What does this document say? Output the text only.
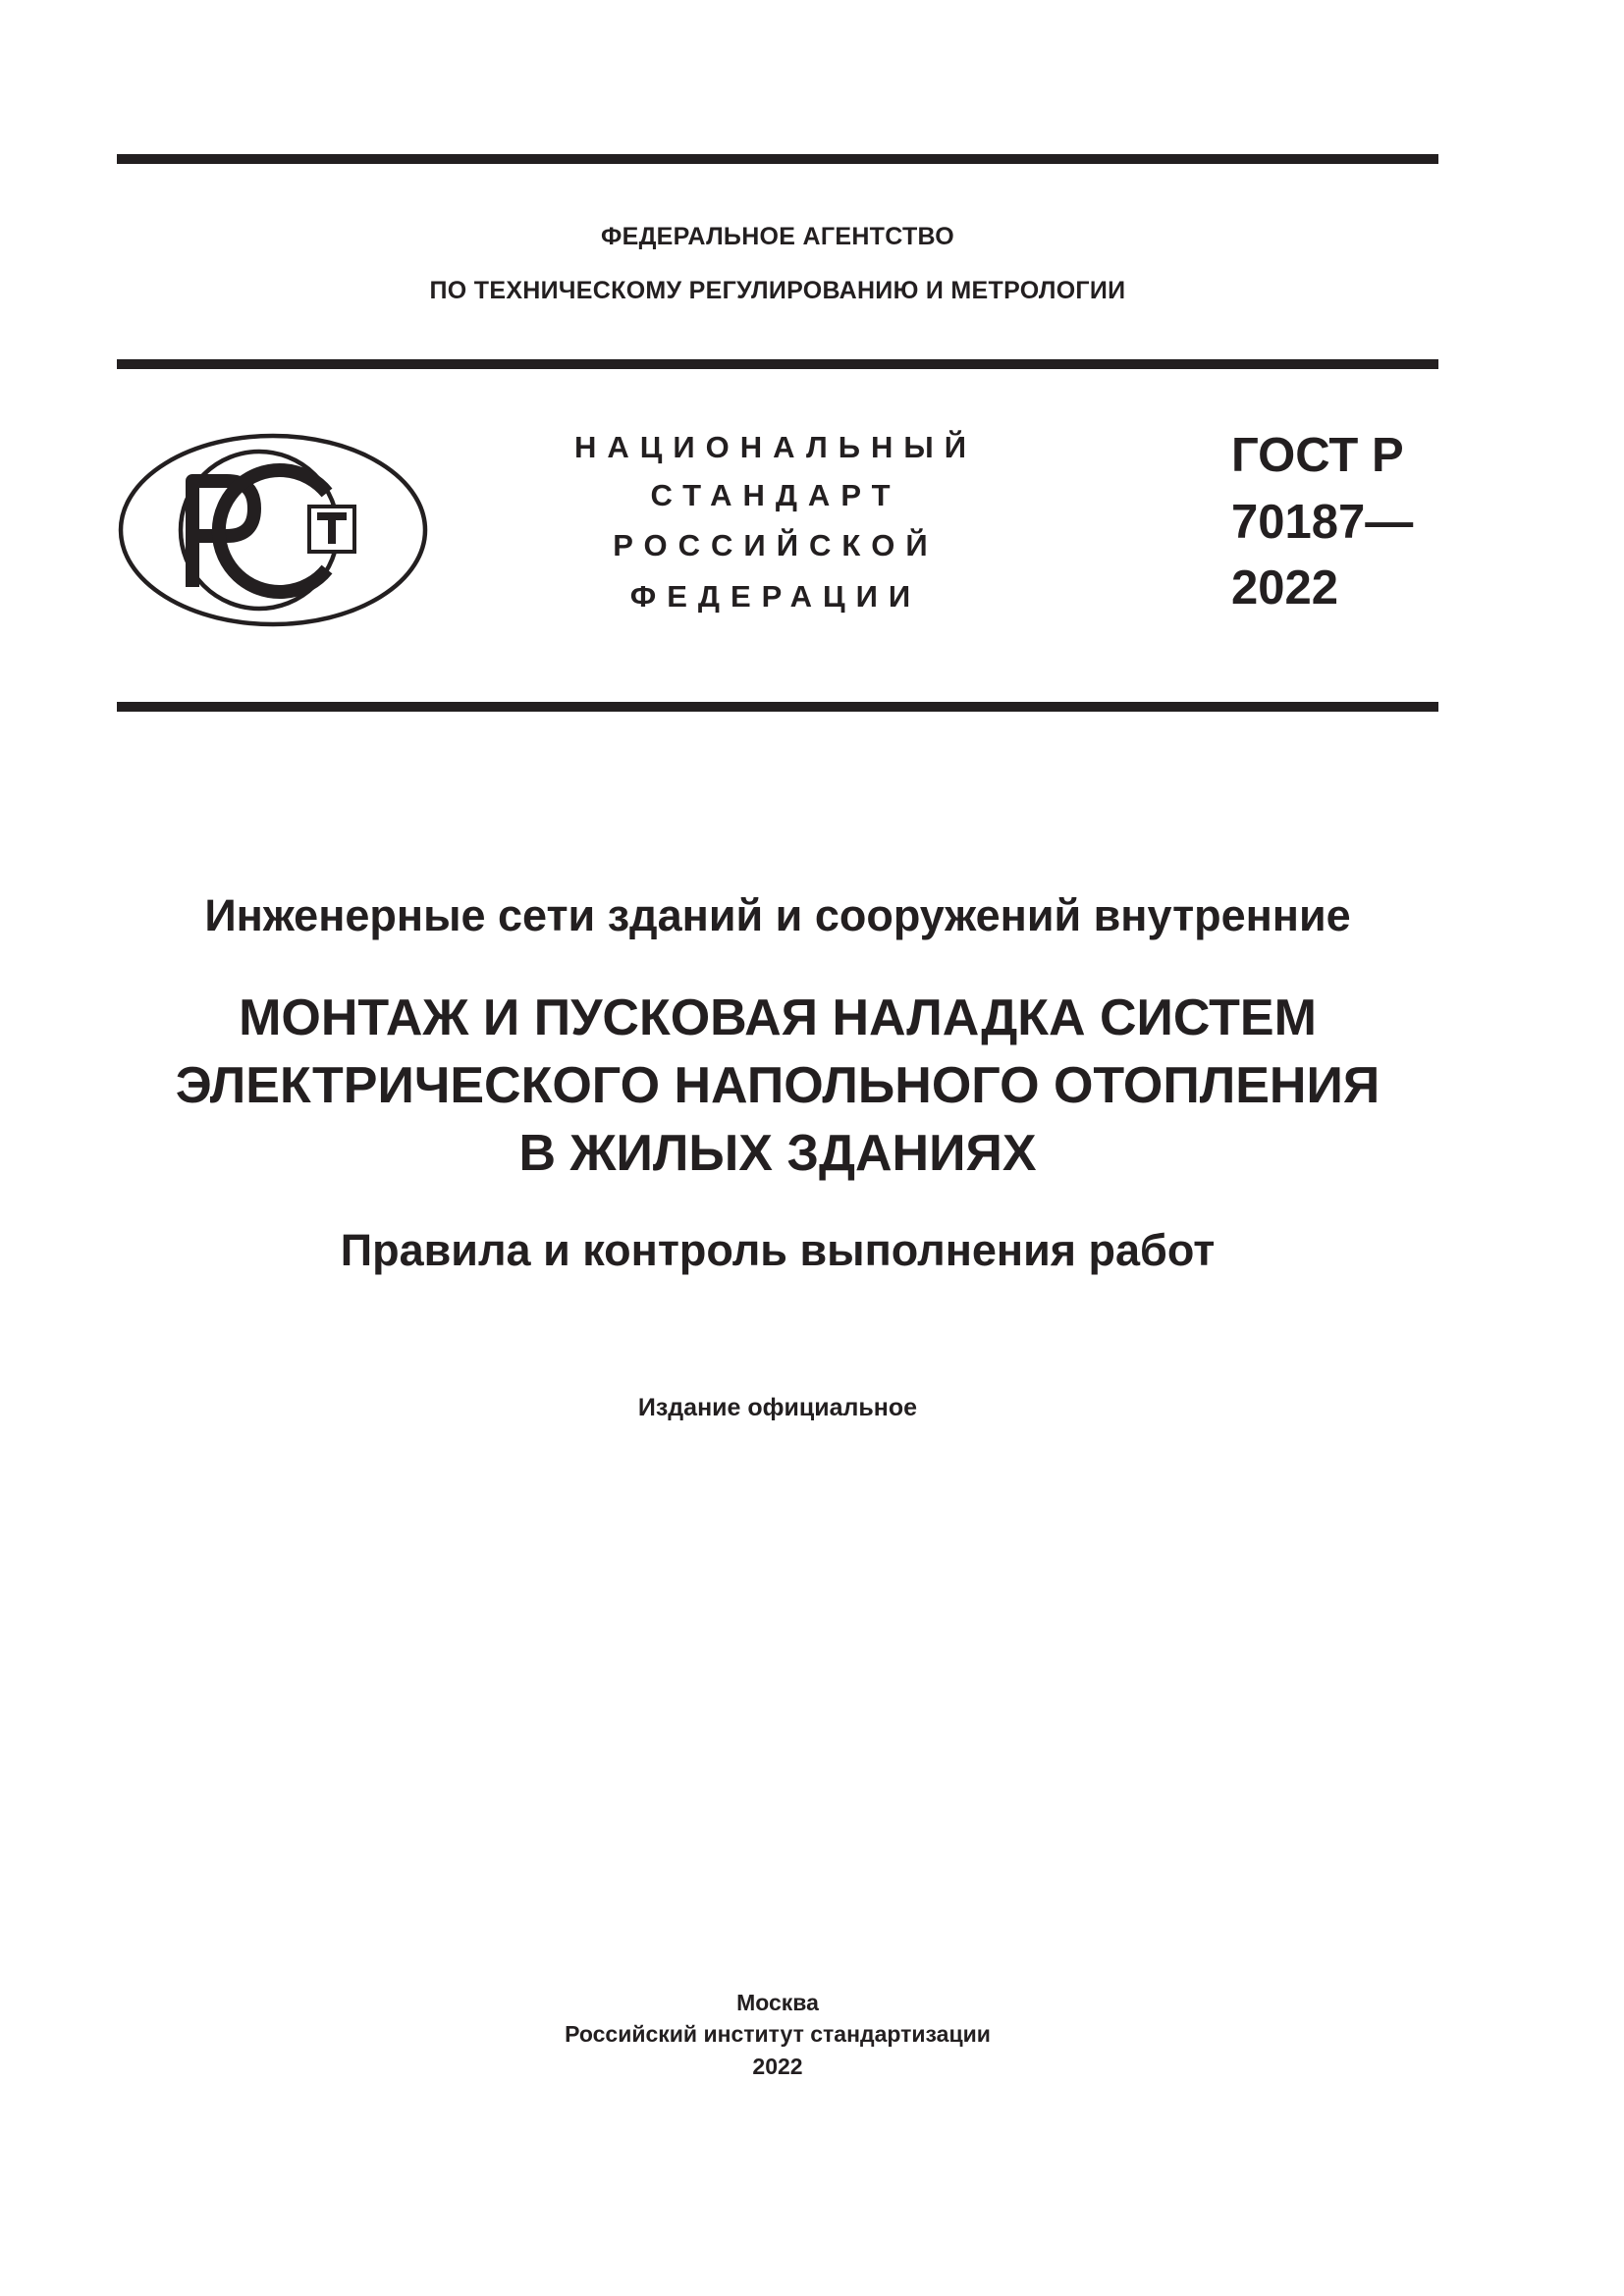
ФЕДЕРАЛЬНОЕ АГЕНТСТВО
ПО ТЕХНИЧЕСКОМУ РЕГУЛИРОВАНИЮ И МЕТРОЛОГИИ
НАЦИОНАЛЬНЫЙ
СТАНДАРТ
РОССИЙСКОЙ
ФЕДЕРАЦИИ
ГОСТ Р
70187—
2022
Инженерные сети зданий и сооружений внутренние
МОНТАЖ И ПУСКОВАЯ НАЛАДКА СИСТЕМ
ЭЛЕКТРИЧЕСКОГО НАПОЛЬНОГО ОТОПЛЕНИЯ
В ЖИЛЫХ ЗДАНИЯХ
Правила и контроль выполнения работ
Издание официальное
Москва
Российский институт стандартизации
2022
